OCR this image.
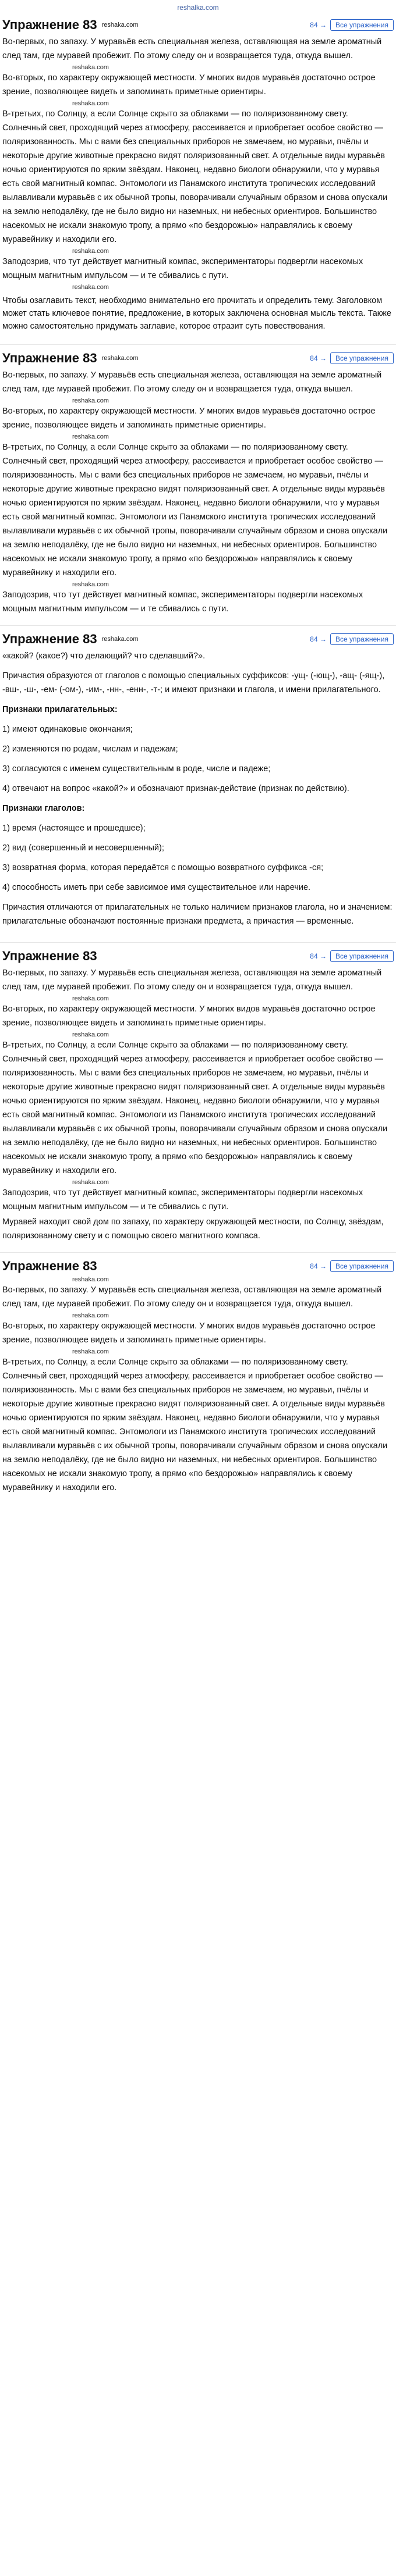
reshalka.com
Упражнение 83 reshaka.com	84 →	Все упражнения

Во-первых, по запаху. У муравьёв есть специальная железа, оставляющая на земле ароматный след там, где муравей пробежит. По этому следу он и возвращается туда, откуда вышел.

reshaka.com

Во-вторых, по характеру окружающей местности. У многих видов муравьёв достаточно острое зрение, позволяющее видеть и запоминать приметные ориентиры.

reshaka.com

В-третьих, по Солнцу, а если Солнце скрыто за облаками — по поляризованному свету. Солнечный свет, проходящий через атмосферу, рассеивается и приобретает особое свойство — поляризованность. Мы с вами без специальных приборов не замечаем, но муравьи, пчёлы и некоторые другие животные прекрасно видят поляризованный свет. А отдельные виды муравьёв ночью ориентируются по ярким звёздам. Наконец, недавно биологи обнаружили, что у муравья есть свой магнитный компас. Энтомологи из Панамского института тропических исследований вылавливали муравьёв с их обычной тропы, поворачивали случайным образом и снова опускали на землю неподалёку, где не было видно ни наземных, ни небесных ориентиров. Большинство насекомых не искали знакомую тропу, а прямо «по бездорожью» направлялись к своему муравейнику и находили его.

reshaka.com

Заподозрив, что тут действует магнитный компас, экспериментаторы подвергли насекомых мощным магнитным импульсом — и те сбивались с пути.

reshaka.com

Чтобы озаглавить текст, необходимо внимательно его прочитать и определить тему. Заголовком может стать ключевое понятие, предложение, в которых заключена основная мысль текста. Также можно самостоятельно придумать заглавие, которое отразит суть повествования.

Упражнение 83 reshaka.com	84 →	Все упражнения

Во-первых, по запаху. У муравьёв есть специальная железа, оставляющая на земле ароматный след там, где муравей пробежит. По этому следу он и возвращается туда, откуда вышел.

reshaka.com

Во-вторых, по характеру окружающей местности. У многих видов муравьёв достаточно острое зрение, позволяющее видеть и запоминать приметные ориентиры.

reshaka.com

В-третьих, по Солнцу, а если Солнце скрыто за облаками — по поляризованному свету. Солнечный свет, проходящий через атмосферу, рассеивается и приобретает особое свойство — поляризованность. Мы с вами без специальных приборов не замечаем, но муравьи, пчёлы и некоторые другие животные прекрасно видят поляризованный свет. А отдельные виды муравьёв ночью ориентируются по ярким звёздам. Наконец, недавно биологи обнаружили, что у муравья есть свой магнитный компас. Энтомологи из Панамского института тропических исследований вылавливали муравьёв с их обычной тропы, поворачивали случайным образом и снова опускали на землю неподалёку, где не было видно ни наземных, ни небесных ориентиров. Большинство насекомых не искали знакомую тропу, а прямо «по бездорожью» направлялись к своему муравейнику и находили его.

reshaka.com

Заподозрив, что тут действует магнитный компас, экспериментаторы подвергли насекомых мощным магнитным импульсом — и те сбивались с пути.

Упражнение 83 reshaka.com	84 →	Все упражнения

«какой? (какое?) что делающий? что сделавший?».

Причастия образуются от глаголов с помощью специальных суффиксов: -ущ- (-ющ-), -ащ- (-ящ-), -вш-, -ш-, -ем- (-ом-), -им-, -нн-, -енн-, -т-; и имеют признаки и глагола, и имени прилагательного.

Признаки прилагательных:

1) имеют одинаковые окончания;

2) изменяются по родам, числам и падежам;

3) согласуются с именем существительным в роде, числе и падеже;

4) отвечают на вопрос «какой?» и обозначают признак-действие (признак по действию).

Признаки глаголов:

1) время (настоящее и прошедшее);

2) вид (совершенный и несовершенный);

3) возвратная форма, которая передаётся с помощью возвратного суффикса -ся;

4) способность иметь при себе зависимое имя существительное или наречие.

Причастия отличаются от прилагательных не только наличием признаков глагола, но и значением: прилагательные обозначают постоянные признаки предмета, а причастия — временные.

Упражнение 83	84 →	Все упражнения

Во-первых, по запаху. У муравьёв есть специальная железа, оставляющая на земле ароматный след там, где муравей пробежит. По этому следу он и возвращается туда, откуда вышел.

reshaka.com

Во-вторых, по характеру окружающей местности. У многих видов муравьёв достаточно острое зрение, позволяющее видеть и запоминать приметные ориентиры.

reshaka.com

В-третьих, по Солнцу, а если Солнце скрыто за облаками — по поляризованному свету. Солнечный свет, проходящий через атмосферу, рассеивается и приобретает особое свойство — поляризованность. Мы с вами без специальных приборов не замечаем, но муравьи, пчёлы и некоторые другие животные прекрасно видят поляризованный свет. А отдельные виды муравьёв ночью ориентируются по ярким звёздам. Наконец, недавно биологи обнаружили, что у муравья есть свой магнитный компас. Энтомологи из Панамского института тропических исследований вылавливали муравьёв с их обычной тропы, поворачивали случайным образом и снова опускали на землю неподалёку, где не было видно ни наземных, ни небесных ориентиров. Большинство насекомых не искали знакомую тропу, а прямо «по бездорожью» направлялись к своему муравейнику и находили его.

reshaka.com

Заподозрив, что тут действует магнитный компас, экспериментаторы подвергли насекомых мощным магнитным импульсом — и те сбивались с пути.

Муравей находит свой дом по запаху, по характеру окружающей местности, по Солнцу, звёздам, поляризованному свету и с помощью своего магнитного компаса.

Упражнение 83	84 →	Все упражнения
reshaka.com

Во-первых, по запаху. У муравьёв есть специальная железа, оставляющая на земле ароматный след там, где муравей пробежит. По этому следу он и возвращается туда, откуда вышел.

reshaka.com

Во-вторых, по характеру окружающей местности. У многих видов муравьёв достаточно острое зрение, позволяющее видеть и запоминать приметные ориентиры.

reshaka.com

В-третьих, по Солнцу, а если Солнце скрыто за облаками — по поляризованному свету. Солнечный свет, проходящий через атмосферу, рассеивается и приобретает особое свойство — поляризованность. Мы с вами без специальных приборов не замечаем, но муравьи, пчёлы и некоторые другие животные прекрасно видят поляризованный свет. А отдельные виды муравьёв ночью ориентируются по ярким звёздам. Наконец, недавно биологи обнаружили, что у муравья есть свой магнитный компас. Энтомологи из Панамского института тропических исследований вылавливали муравьёв с их обычной тропы, поворачивали случайным образом и снова опускали на землю неподалёку, где не было видно ни наземных, ни небесных ориентиров. Большинство насекомых не искали знакомую тропу, а прямо «по бездорожью» направлялись к своему муравейнику и находили его.
